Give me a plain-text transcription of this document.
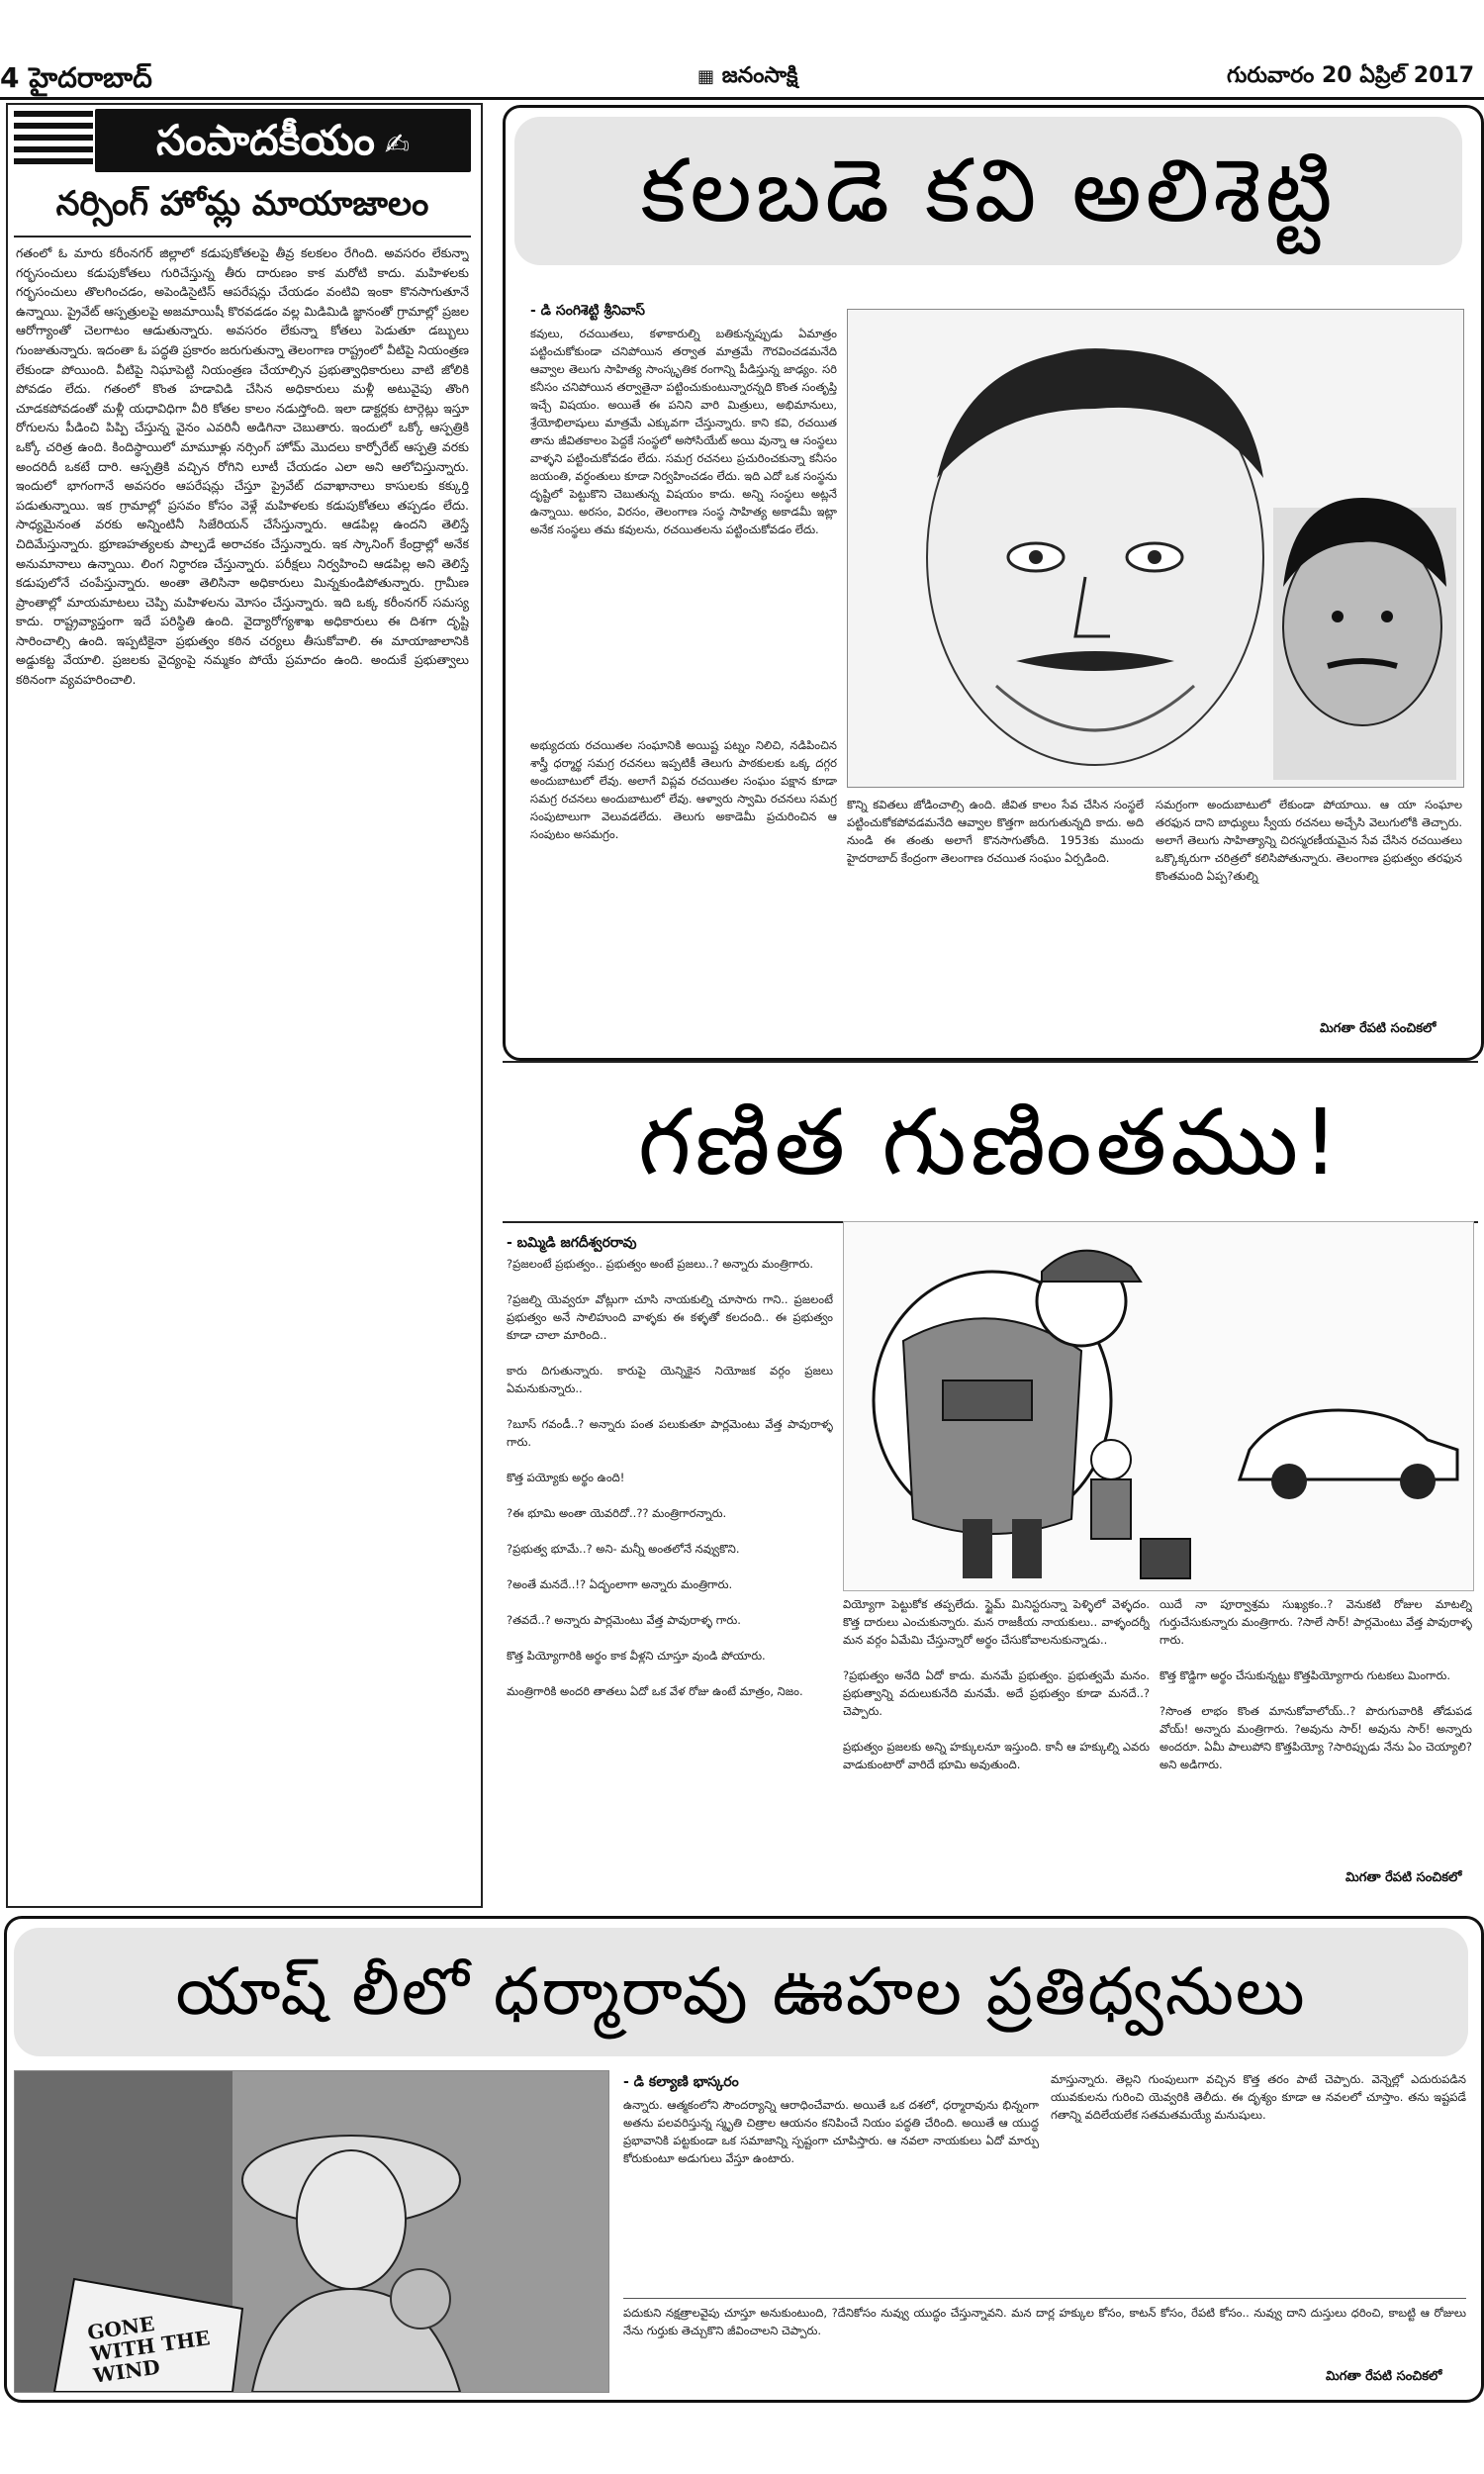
4 హైదరాబాద్	▦ జనంసాక్షి	గురువారం 20 ఏప్రిల్ 2017
సంపాదకీయం ✍
నర్సింగ్ హోమ్ల మాయాజాలం
గతంలో ఓ మారు కరీంనగర్ జిల్లాలో కడుపుకోతలపై తీవ్ర కలకలం రేగింది. అవసరం లేకున్నా గర్భసంచులు కడుపుకోతలు గురిచేస్తున్న తీరు దారుణం కాక మరోటి కాదు. మహిళలకు గర్భసంచులు తొలగించడం, అపెండిసైటిస్ ఆపరేషన్లు చేయడం వంటివి ఇంకా కొనసాగుతూనే ఉన్నాయి. ప్రైవేట్ ఆస్పత్రులపై అజమాయిషీ కొరవడడం వల్ల మిడిమిడి జ్ఞానంతో గ్రామాల్లో ప్రజల ఆరోగ్యాంతో చెలగాటం ఆడుతున్నారు. అవసరం లేకున్నా కోతలు పెడుతూ డబ్బులు గుంజుతున్నారు. ఇదంతా ఓ పద్ధతి ప్రకారం జరుగుతున్నా తెలంగాణ రాష్ట్రంలో వీటిపై నియంత్రణ లేకుండా పోయింది. వీటిపై నిఘాపెట్టి నియంత్రణ చేయాల్సిన ప్రభుత్వాధికారులు వాటి జోలికి పోవడం లేదు. గతంలో కొంత హడావిడి చేసిన అధికారులు మళ్లీ అటువైపు తొంగి చూడకపోవడంతో మళ్లీ యధావిధిగా వీరి కోతల కాలం నడుస్తోంది. ఇలా డాక్టర్లకు టార్గెట్లు ఇస్తూ రోగులను పీడించి పిప్పి చేస్తున్న వైనం ఎవరినీ అడిగినా చెబుతారు. ఇందులో ఒక్కో ఆస్పత్రికి ఒక్కో చరిత్ర ఉంది. కిందిస్థాయిలో మామూళ్లు నర్సింగ్ హోమ్ మొదలు కార్పోరేట్ ఆస్పత్రి వరకు అందరిదీ ఒకటే దారి. ఆస్పత్రికి వచ్చిన రోగిని లూటీ చేయడం ఎలా అని ఆలోచిస్తున్నారు. ఇందులో భాగంగానే అవసరం ఆపరేషన్లు చేస్తూ ప్రైవేట్ దవాఖానాలు కాసులకు కక్కుర్తి పడుతున్నాయి. ఇక గ్రామాల్లో ప్రసవం కోసం వెళ్లే మహిళలకు కడుపుకోతలు తప్పడం లేదు. సాధ్యమైనంత వరకు అన్నింటినీ సిజేరియన్ చేసేస్తున్నారు. ఆడపిల్ల ఉందని తెలిస్తే చిదిమేస్తున్నారు. భ్రూణహత్యలకు పాల్పడే అరాచకం చేస్తున్నారు. ఇక స్కానింగ్ కేంద్రాల్లో అనేక అనుమానాలు ఉన్నాయి. లింగ నిర్ధారణ చేస్తున్నారు. పరీక్షలు నిర్వహించి ఆడపిల్ల అని తెలిస్తే కడుపులోనే చంపేస్తున్నారు. అంతా తెలిసినా అధికారులు మిన్నకుండిపోతున్నారు. గ్రామీణ ప్రాంతాల్లో మాయమాటలు చెప్పి మహిళలను మోసం చేస్తున్నారు. ఇది ఒక్క కరీంనగర్ సమస్య కాదు. రాష్ట్రవ్యాప్తంగా ఇదే పరిస్థితి ఉంది. వైద్యారోగ్యశాఖ అధికారులు ఈ దిశగా దృష్టి సారించాల్సి ఉంది. ఇప్పటికైనా ప్రభుత్వం కఠిన చర్యలు తీసుకోవాలి. ఈ మాయాజాలానికి అడ్డుకట్ట వేయాలి. ప్రజలకు వైద్యంపై నమ్మకం పోయే ప్రమాదం ఉంది. అందుకే ప్రభుత్వాలు కఠినంగా వ్యవహరించాలి.
కలబడె కవి అలిశెట్టి
- డి సంగిశెట్టి శ్రీనివాస్
కవులు, రచయితలు, కళాకారుల్ని బతికున్నప్పుడు ఏమాత్రం పట్టించుకోకుండా చనిపోయిన తర్వాత మాత్రమే గౌరవించడమనేది ఆవ్వాల తెలుగు సాహిత్య సాంస్కృతిక రంగాన్ని పీడిస్తున్న జాఢ్యం. సరి కనీసం చనిపోయిన తర్వాతైనా పట్టించుకుంటున్నారన్నది కొంత సంతృప్తి ఇచ్చే విషయం. అయితే ఈ పనిని వారి మిత్రులు, అభిమానులు, శ్రేయోభిలాషులు మాత్రమే ఎక్కువగా చేస్తున్నారు. కాని కవి, రచయిత తాను జీవితకాలం పెద్దకే సంస్థలో అసోసియేట్ అయి వున్నా ఆ సంస్థలు వాళ్ళని పట్టించుకోవడం లేదు. సమగ్ర రచనలు ప్రచురించకున్నా కనీసం జయంతి, వర్ధంతులు కూడా నిర్వహించడం లేదు. ఇది ఎదో ఒక సంస్థను దృష్టిలో పెట్టుకొని చెబుతున్న విషయం కాదు. అన్ని సంస్థలు అట్లనే ఉన్నాయి. అరసం, విరసం, తెలంగాణ సంస్థ సాహిత్య అకాడమీ ఇట్లా అనేక సంస్థలు తమ కవులను, రచయితలను పట్టించుకోవడం లేదు.
అభ్యుదయ రచయితల సంఘానికి అయిష్ట పట్నం నిలిచి, నడిపించిన శాస్త్రీ ధర్మార్థ సమగ్ర రచనలు ఇప్పటికీ తెలుగు పాఠకులకు ఒక్క దగ్గర అందుబాటులో లేవు. అలాగే విప్లవ రచయితల సంఘం పక్షాన కూడా సమగ్ర రచనలు అందుబాటులో లేవు. ఆళ్వారు స్వామి రచనలు సమగ్ర సంపుటాలుగా వెలువడలేదు. తెలుగు అకాడెమీ ప్రచురించిన ఆ సంపుటం అసమగ్రం.
కొన్ని కవితలు జోడించాల్సి ఉంది. జీవిత కాలం సేవ చేసిన సంస్థలే పట్టించుకోకపోవడమనేది ఆవ్వాల కొత్తగా జరుగుతున్నది కాదు. అది నుండి ఈ తంతు అలాగే కొనసాగుతోంది. 1953కు ముందు హైదరాబాద్ కేంద్రంగా తెలంగాణ రచయిత సంఘం ఏర్పడింది.
సమగ్రంగా అందుబాటులో లేకుండా పోయాయి. ఆ యా సంఘాల తరఫున దాని బాధ్యులు స్వీయ రచనలు అచ్చేసి వెలుగులోకి తెచ్చారు. అలాగే తెలుగు సాహిత్యాన్ని చిరస్మరణీయమైన సేవ చేసిన రచయితలు ఒక్కొక్కరుగా చరిత్రలో కలిసిపోతున్నారు. తెలంగాణ ప్రభుత్వం తరఫున కొంతమంది ఏప్ప?తుల్ని
మిగతా రేపటి సంచికలో
గణిత గుణింతము!
- బమ్మిడి జగదీశ్వరరావు
?ప్రజలంటే ప్రభుత్వం.. ప్రభుత్వం అంటే ప్రజలు..? అన్నారు మంత్రిగారు.

?ప్రజల్ని యెవ్వరూ వోట్లుగా చూసి నాయకుల్ని చూసారు గాని.. ప్రజలంటే ప్రభుత్వం అనే సాలిహుంది వాళ్ళకు ఈ కళ్ళతో కలదంది.. ఈ ప్రభుత్వం కూడా చాలా మారింది..

కారు దిగుతున్నారు. కారుపై యెన్నికైన నియోజక వర్గం ప్రజలు ఏమనుకున్నారు..

?బూస్ గవండీ..? అన్నారు పంత పలుకుతూ పార్లమెంటు వేత్త పావురాళ్ళ గారు.

కొత్త పయ్యోకు అర్థం ఉంది!

?ఈ భూమి అంతా యెవరిదో..?? మంత్రిగారన్నారు.

?ప్రభుత్వ భూమే..? అని- మన్నీ అంతలోనే నవ్వుకొని.

?అంతే మనదే..!? ఏద్భంలాగా అన్నారు మంత్రిగారు.

?తవదే..? అన్నారు పార్లమెంటు వేత్త పావురాళ్ళ గారు.

కొత్త పియ్యోగారికి అర్థం కాక వీళ్లని చూస్తూ వుండి పోయారు.

మంత్రిగారికి అందరి తాతలు ఏదో ఒక వేళ రోజు ఉంటే మాత్రం, నిజం.
వియ్యోగా పెట్టుకోక తప్పలేదు. స్టైమ్ మినిస్టరున్నా పెళ్ళిలో వెళ్ళదం. కొత్త దారులు ఎంచుకున్నారు. మన రాజకీయ నాయకులు.. వాళ్ళందర్నీ మన వర్గం ఏమేమి చేస్తున్నారో అర్థం చేసుకోవాలనుకున్నాడు..

?ప్రభుత్వం అనేది ఏదో కాదు. మనమే ప్రభుత్వం. ప్రభుత్వమే మనం. ప్రభుత్వాన్ని వదులుకునేది మనమే. అదే ప్రభుత్వం కూడా మనదే..? చెప్పారు.

ప్రభుత్వం ప్రజలకు అన్ని హక్కులనూ ఇస్తుంది. కానీ ఆ హక్కుల్ని ఎవరు వాడుకుంటారో వారిదే భూమి అవుతుంది.
యిదే నా పూర్వాశ్రమ సుఖ్యకం..? వెనుకటి రోజుల మాటల్ని గుర్తుచేసుకున్నారు మంత్రిగారు. ?సాలే సార్! పార్లమెంటు వేత్త పావురాళ్ళ గారు.

కొత్త కొడ్డిగా అర్థం చేసుకున్నట్టు కొత్తపియ్యోగారు గుటకలు మింగారు.

?సొంత లాభం కొంత మానుకోవాలోయ్..? పొరుగువారికి తోడుపడ వోయ్! అన్నారు మంత్రిగారు. ?అవును సార్! అవును సార్! అన్నారు అందరూ. ఏమీ పాలుపోని కొత్తపియ్యో ?సారిప్పుడు నేను ఏం చెయ్యాలి? అని అడిగారు.
మిగతా రేపటి సంచికలో
యాష్ లీలో ధర్మారావు ఊహల ప్రతిధ్వనులు
GONE WITH THE WIND
- డి కల్యాణి భాస్కరం
ఉన్నారు. ఆత్మకంలోని సౌందర్యాన్ని ఆరాధించేవారు. అయితే ఒక దశలో, ధర్మారావును భిన్నంగా అతను పలవరిస్తున్న స్మృతి చిత్రాల ఆయనం కనిపించే నియం పద్ధతి చేరింది. అయితే ఆ యుద్ధ ప్రభావానికి పట్టకుండా ఒక సమాజాన్ని స్పష్టంగా చూపిస్తారు. ఆ నవలా నాయకులు ఏదో మార్పు కోరుకుంటూ అడుగులు వేస్తూ ఉంటారు.
మాస్తున్నారు. తెల్లని గుంపులుగా వచ్చిన కొత్త తరం పాటే చెప్పారు. వెన్నెల్లో ఎదురుపడిన యువకులను గురించి యెవ్వరికి తెలీదు. ఈ దృశ్యం కూడా ఆ నవలలో చూస్తాం. తను ఇష్టపడే గతాన్ని వదిలేయలేక సతమతమయ్యే మనుషులు.
పదుకుని నక్షత్రాలవైపు చూస్తూ అనుకుంటుంది, ?దేనికోసం నువ్వు యుద్ధం చేస్తున్నావని. మన దార్ల హక్కుల కోసం, కాటన్ కోసం, రేపటి కోసం.. నువ్వు దాని దుస్తులు ధరించి, కాబట్టి ఆ రోజులు నేను గుర్తుకు తెచ్చుకొని జీవించాలని చెప్పారు.
మిగతా రేపటి సంచికలో
